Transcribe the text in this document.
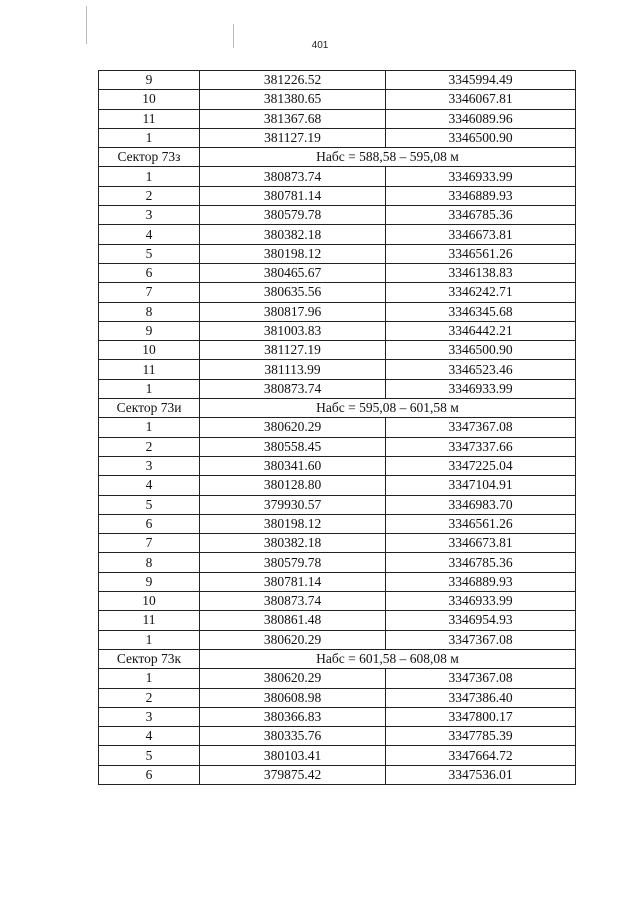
401
9	381226.52	3345994.49
10	381380.65	3346067.81
11	381367.68	3346089.96
1	381127.19	3346500.90
Сектор 73з	Набс = 588,58 – 595,08 м	
1	380873.74	3346933.99
2	380781.14	3346889.93
3	380579.78	3346785.36
4	380382.18	3346673.81
5	380198.12	3346561.26
6	380465.67	3346138.83
7	380635.56	3346242.71
8	380817.96	3346345.68
9	381003.83	3346442.21
10	381127.19	3346500.90
11	381113.99	3346523.46
1	380873.74	3346933.99
Сектор 73и	Набс = 595,08 – 601,58 м	
1	380620.29	3347367.08
2	380558.45	3347337.66
3	380341.60	3347225.04
4	380128.80	3347104.91
5	379930.57	3346983.70
6	380198.12	3346561.26
7	380382.18	3346673.81
8	380579.78	3346785.36
9	380781.14	3346889.93
10	380873.74	3346933.99
11	380861.48	3346954.93
1	380620.29	3347367.08
Сектор 73к	Набс = 601,58 – 608,08 м	
1	380620.29	3347367.08
2	380608.98	3347386.40
3	380366.83	3347800.17
4	380335.76	3347785.39
5	380103.41	3347664.72
6	379875.42	3347536.01
